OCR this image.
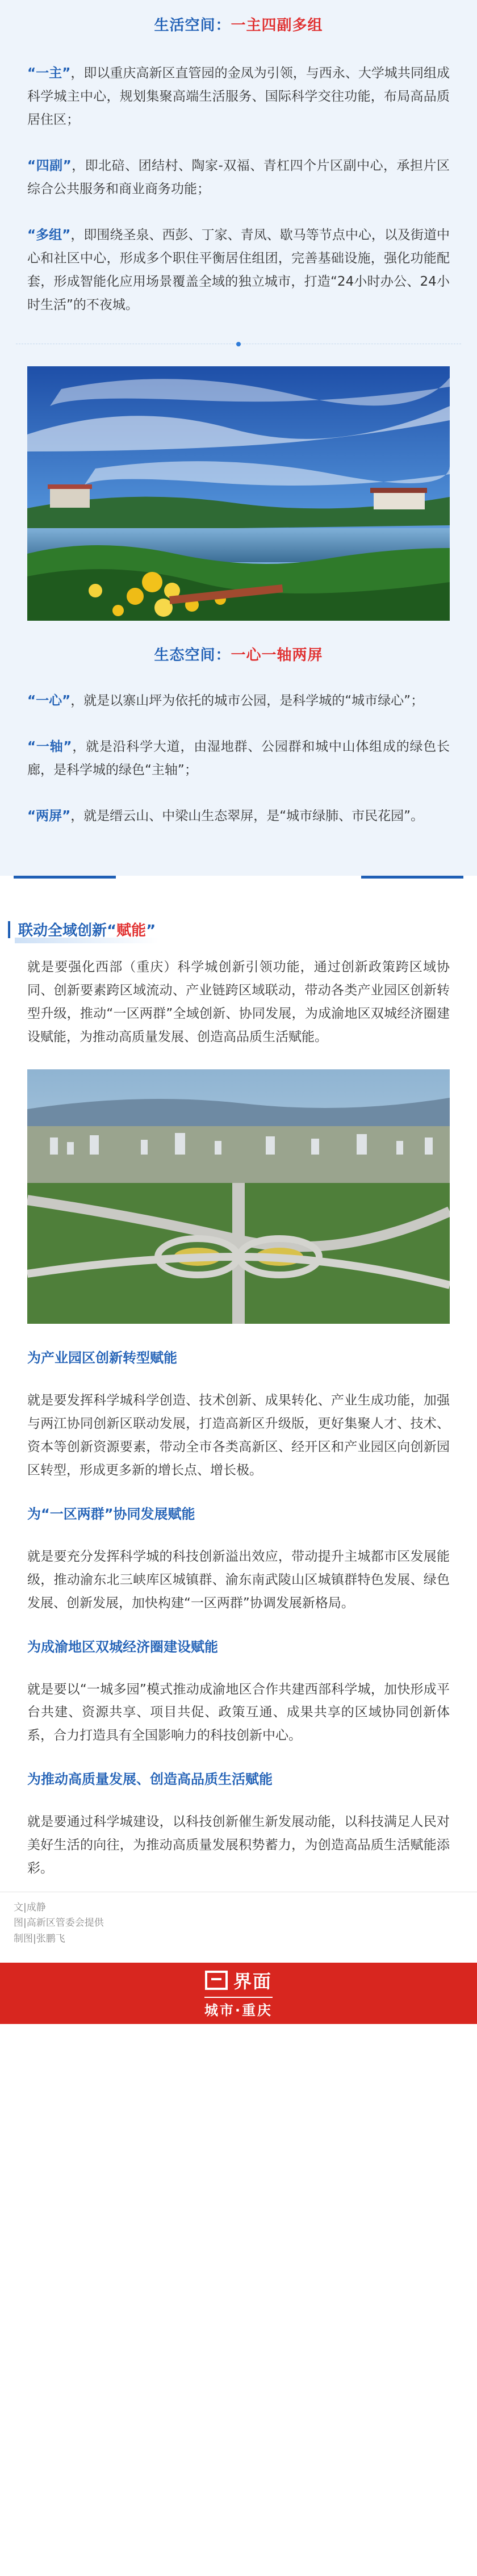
生活空间：一主四副多组

“一主”，即以重庆高新区直管园的金凤为引领，与西永、大学城共同组成科学城主中心，规划集聚高端生活服务、国际科学交往功能，布局高品质居住区；

“四副”，即北碚、团结村、陶家-双福、青杠四个片区副中心，承担片区综合公共服务和商业商务功能；

“多组”，即围绕圣泉、西彭、丁家、青凤、歇马等节点中心，以及街道中心和社区中心，形成多个职住平衡居住组团，完善基础设施，强化功能配套，形成智能化应用场景覆盖全域的独立城市，打造“24小时办公、24小时生活”的不夜城。

生态空间：一心一轴两屏

“一心”，就是以寨山坪为依托的城市公园，是科学城的“城市绿心”；

“一轴”，就是沿科学大道，由湿地群、公园群和城中山体组成的绿色长廊，是科学城的绿色“主轴”；

“两屏”，就是缙云山、中梁山生态翠屏，是“城市绿肺、市民花园”。

联动全域创新“赋能”

就是要强化西部（重庆）科学城创新引领功能，通过创新政策跨区域协同、创新要素跨区域流动、产业链跨区域联动，带动各类产业园区创新转型升级，推动“一区两群”全域创新、协同发展，为成渝地区双城经济圈建设赋能，为推动高质量发展、创造高品质生活赋能。

为产业园区创新转型赋能

就是要发挥科学城科学创造、技术创新、成果转化、产业生成功能，加强与两江协同创新区联动发展，打造高新区升级版，更好集聚人才、技术、资本等创新资源要素，带动全市各类高新区、经开区和产业园区向创新园区转型，形成更多新的增长点、增长极。

为“一区两群”协同发展赋能

就是要充分发挥科学城的科技创新溢出效应，带动提升主城都市区发展能级，推动渝东北三峡库区城镇群、渝东南武陵山区城镇群特色发展、绿色发展、创新发展，加快构建“一区两群”协调发展新格局。

为成渝地区双城经济圈建设赋能

就是要以“一城多园”模式推动成渝地区合作共建西部科学城，加快形成平台共建、资源共享、项目共促、政策互通、成果共享的区域协同创新体系，合力打造具有全国影响力的科技创新中心。

为推动高质量发展、创造高品质生活赋能

就是要通过科学城建设，以科技创新催生新发展动能，以科技满足人民对美好生活的向往，为推动高质量发展积势蓄力，为创造高品质生活赋能添彩。

文|成静
图|高新区管委会提供
制图|张鹏飞
界面
城市·重庆
